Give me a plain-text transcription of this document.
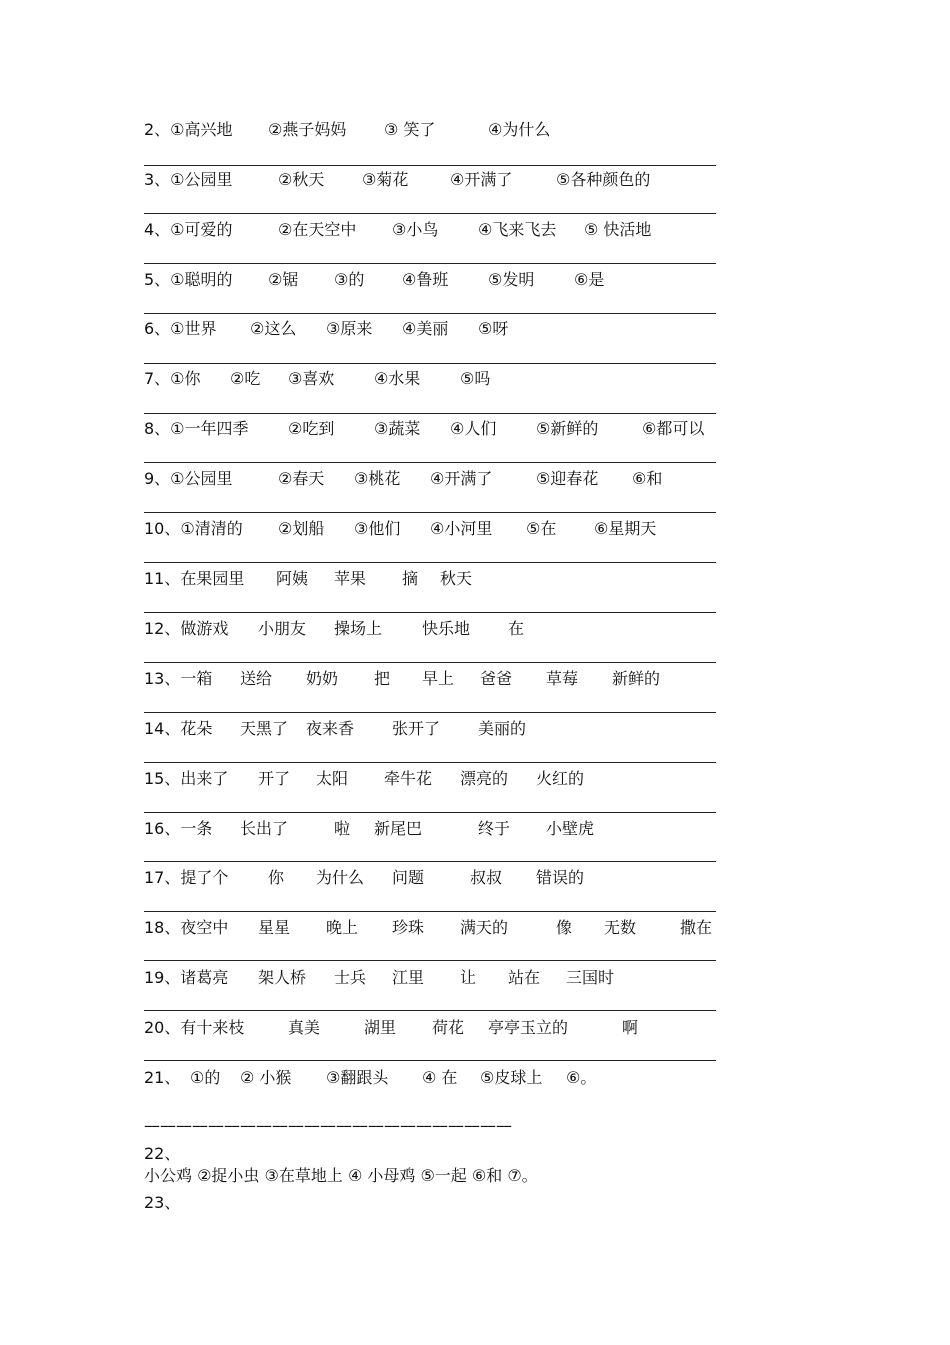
2、①高兴地 ②燕子妈妈 ③ 笑了	④为什么
3、①公园里	②秋天 ③菊花	④开满了	⑤各种颜色的
4、①可爱的	②在天空中 ③小鸟 ④飞来飞去 ⑤ 快活地
5、①聪明的 ②锯 ③的 ④鲁班 ⑤发明 ⑥是
6、①世界 ②这么 ③原来 ④美丽 ⑤呀
7、①你 ②吃 ③喜欢 ④水果 ⑤吗
8、①一年四季 ②吃到 ③蔬菜 ④人们 ⑤新鲜的	⑥都可以
9、①公园里	②春天 ③桃花 ④开满了	⑤迎春花 ⑥和
10、①清清的 ②划船 ③他们 ④小河里 ⑤在 ⑥星期天
11、在果园里 阿姨 苹果 摘 秋天
12、做游戏 小朋友 操场上 快乐地 在
13、一箱 送给 奶奶 把 早上 爸爸 草莓 新鲜的
14、花朵 天黑了 夜来香 张开了 美丽的
15、出来了 开了 太阳 牵牛花 漂亮的 火红的
16、一条 长出了	啦 新尾巴	终于 小壁虎
17、提了个 你 为什么 问题	叔叔 错误的
18、夜空中 星星 晚上 珍珠 满天的	像 无数	撒在
19、诸葛亮 架人桥 士兵 江里 让 站在 三国时
20、有十来枝	真美	湖里 荷花 亭亭玉立的	啊
21、 ①的 ② 小猴 ③翻跟头 ④ 在 ⑤皮球上 ⑥。
———————————————————————
22、
小公鸡 ②捉小虫 ③在草地上 ④ 小母鸡 ⑤一起 ⑥和 ⑦。
23、
